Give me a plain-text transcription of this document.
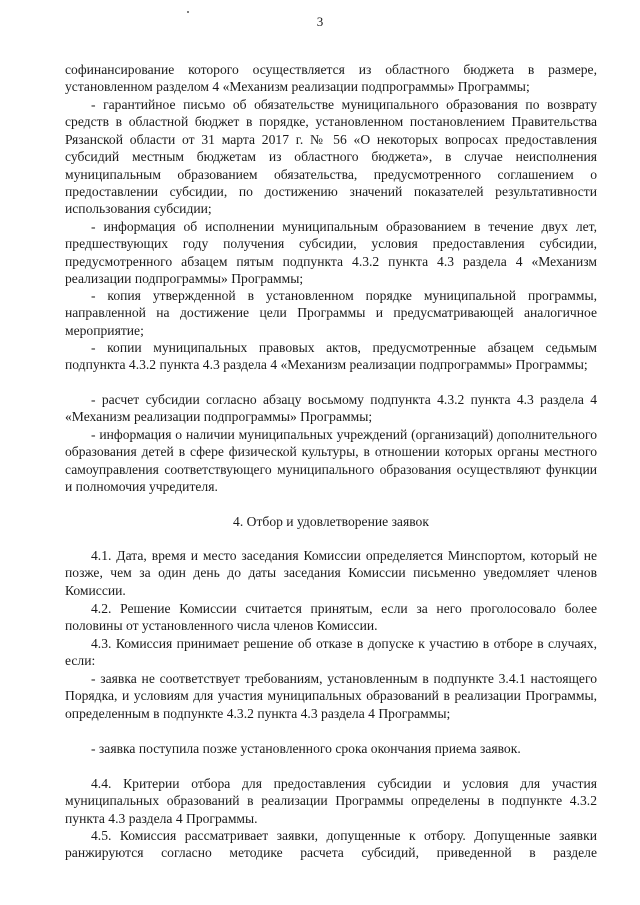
3
софинансирование которого осуществляется из областного бюджета в размере,
установленном разделом 4 «Механизм реализации подпрограммы» Программы;
- гарантийное письмо об обязательстве муниципального образования по возврату средств в областной бюджет в порядке, установленном постановлением Правительства Рязанской области от 31 марта 2017 г. № 56 «О некоторых вопросах предоставления субсидий местным бюджетам из областного бюджета», в случае неисполнения муниципальным образованием обязательства, предусмотренного соглашением о предоставлении субсидии, по достижению значений показателей результативности использования субсидии;
- информация об исполнении муниципальным образованием в течение двух лет, предшествующих году получения субсидии, условия предоставления субсидии, предусмотренного абзацем пятым подпункта 4.3.2 пункта 4.3 раздела 4 «Механизм реализации подпрограммы» Программы;
- копия утвержденной в установленном порядке муниципальной программы, направленной на достижение цели Программы и предусматривающей аналогичное мероприятие;
- копии муниципальных правовых актов, предусмотренные абзацем седьмым подпункта 4.3.2 пункта 4.3 раздела 4 «Механизм реализации подпрограммы» Программы;
- расчет субсидии согласно абзацу восьмому подпункта 4.3.2 пункта 4.3 раздела 4 «Механизм реализации подпрограммы» Программы;
- информация о наличии муниципальных учреждений (организаций) дополнительного образования детей в сфере физической культуры, в отношении которых органы местного самоуправления соответствующего муниципального образования осуществляют функции и полномочия учредителя.
4. Отбор и удовлетворение заявок
4.1. Дата, время и место заседания Комиссии определяется Минспортом, который не позже, чем за один день до даты заседания Комиссии письменно уведомляет членов Комиссии.
4.2. Решение Комиссии считается принятым, если за него проголосовало более половины от установленного числа членов Комиссии.
4.3. Комиссия принимает решение об отказе в допуске к участию в отборе в случаях, если:
- заявка не соответствует требованиям, установленным в подпункте 3.4.1 настоящего Порядка, и условиям для участия муниципальных образований в реализации Программы, определенным в подпункте 4.3.2 пункта 4.3 раздела 4 Программы;
- заявка поступила позже установленного срока окончания приема заявок.
4.4. Критерии отбора для предоставления субсидии и условия для участия муниципальных образований в реализации Программы определены в подпункте 4.3.2 пункта 4.3 раздела 4 Программы.
4.5. Комиссия рассматривает заявки, допущенные к отбору. Допущенные заявки ранжируются согласно методике расчета субсидий, приведенной в разделе
